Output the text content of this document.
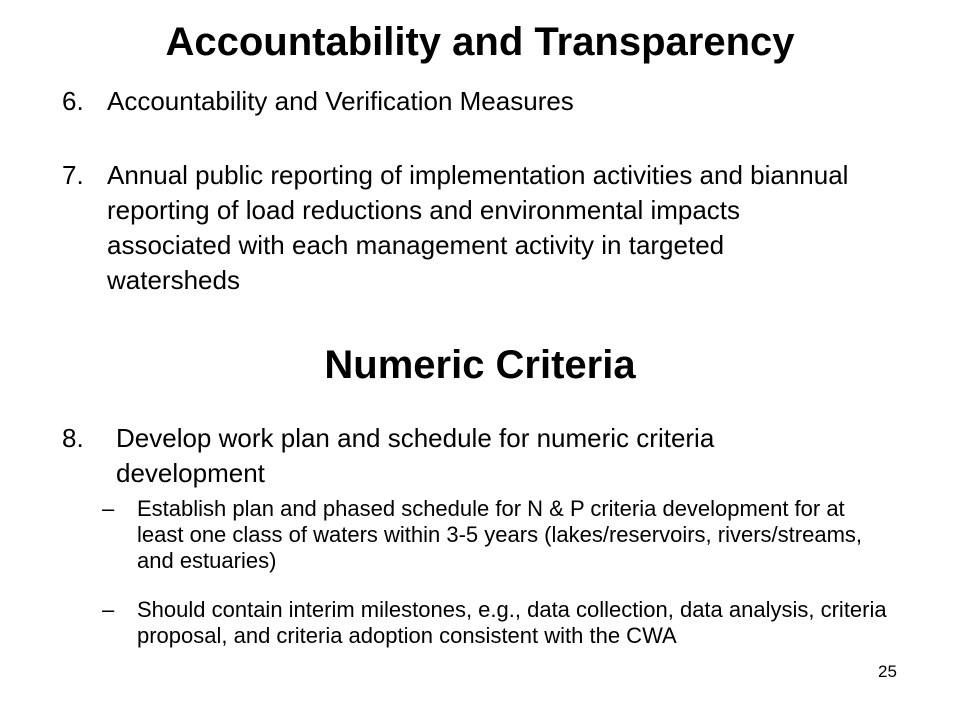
Accountability and Transparency
6. Accountability and Verification Measures
7. Annual public reporting of implementation activities and biannual reporting of load reductions and environmental impacts associated with each management activity in targeted watersheds
Numeric Criteria
8.	Develop work plan and schedule for numeric criteria development
–	Establish plan and phased schedule for N & P criteria development for at least one class of waters within 3-5 years (lakes/reservoirs, rivers/streams, and estuaries)
–	Should contain interim milestones, e.g., data collection, data analysis, criteria proposal, and criteria adoption consistent with the CWA
25
